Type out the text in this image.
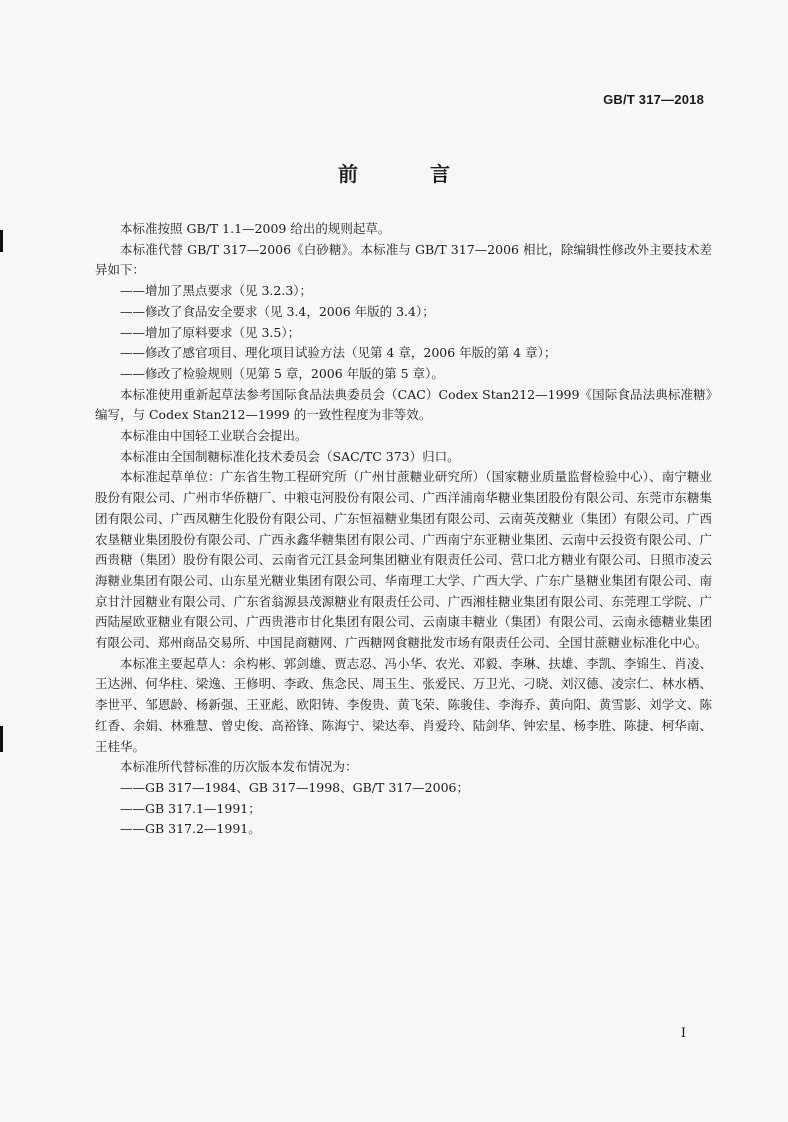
GB/T 317—2018
前　言

本标准按照 GB/T 1.1—2009 给出的规则起草。

本标准代替 GB/T 317—2006《白砂糖》。本标准与 GB/T 317—2006 相比，除编辑性修改外主要技术差异如下：

——增加了黑点要求（见 3.2.3）；

——修改了食品安全要求（见 3.4，2006 年版的 3.4）；

——增加了原料要求（见 3.5）；

——修改了感官项目、理化项目试验方法（见第 4 章，2006 年版的第 4 章）；

——修改了检验规则（见第 5 章，2006 年版的第 5 章）。

本标准使用重新起草法参考国际食品法典委员会（CAC）Codex Stan212—1999《国际食品法典标准糖》编写，与 Codex Stan212—1999 的一致性程度为非等效。

本标准由中国轻工业联合会提出。

本标准由全国制糖标准化技术委员会（SAC/TC 373）归口。

本标准起草单位：广东省生物工程研究所（广州甘蔗糖业研究所）（国家糖业质量监督检验中心）、南宁糖业股份有限公司、广州市华侨糖厂、中粮屯河股份有限公司、广西洋浦南华糖业集团股份有限公司、东莞市东糖集团有限公司、广西凤糖生化股份有限公司、广东恒福糖业集团有限公司、云南英茂糖业（集团）有限公司、广西农垦糖业集团股份有限公司、广西永鑫华糖集团有限公司、广西南宁东亚糖业集团、云南中云投资有限公司、广西贵糖（集团）股份有限公司、云南省元江县金珂集团糖业有限责任公司、营口北方糖业有限公司、日照市凌云海糖业集团有限公司、山东星光糖业集团有限公司、华南理工大学、广西大学、广东广垦糖业集团有限公司、南京甘汁园糖业有限公司、广东省翁源县茂源糖业有限责任公司、广西湘桂糖业集团有限公司、东莞理工学院、广西陆屋欧亚糖业有限公司、广西贵港市甘化集团有限公司、云南康丰糖业（集团）有限公司、云南永德糖业集团有限公司、郑州商品交易所、中国昆商糖网、广西糖网食糖批发市场有限责任公司、全国甘蔗糖业标准化中心。

本标准主要起草人：余构彬、郭剑雄、贾志忍、冯小华、农光、邓毅、李琳、扶雄、李凯、李锦生、肖凌、王达洲、何华柱、梁逸、王修明、李政、焦念民、周玉生、张爱民、万卫光、刁晓、刘汉德、凌宗仁、林水栖、李世平、邹恩龄、杨新强、王亚彪、欧阳铸、李俊贵、黄飞荣、陈骏佳、李海乔、黄向阳、黄雪影、刘学文、陈红香、余娟、林雅慧、曾史俊、高裕锋、陈海宁、梁达奉、肖爱玲、陆剑华、钟宏星、杨李胜、陈捷、柯华南、王桂华。

本标准所代替标准的历次版本发布情况为：

——GB 317—1984、GB 317—1998、GB/T 317—2006；

——GB 317.1—1991；

——GB 317.2—1991。

I
